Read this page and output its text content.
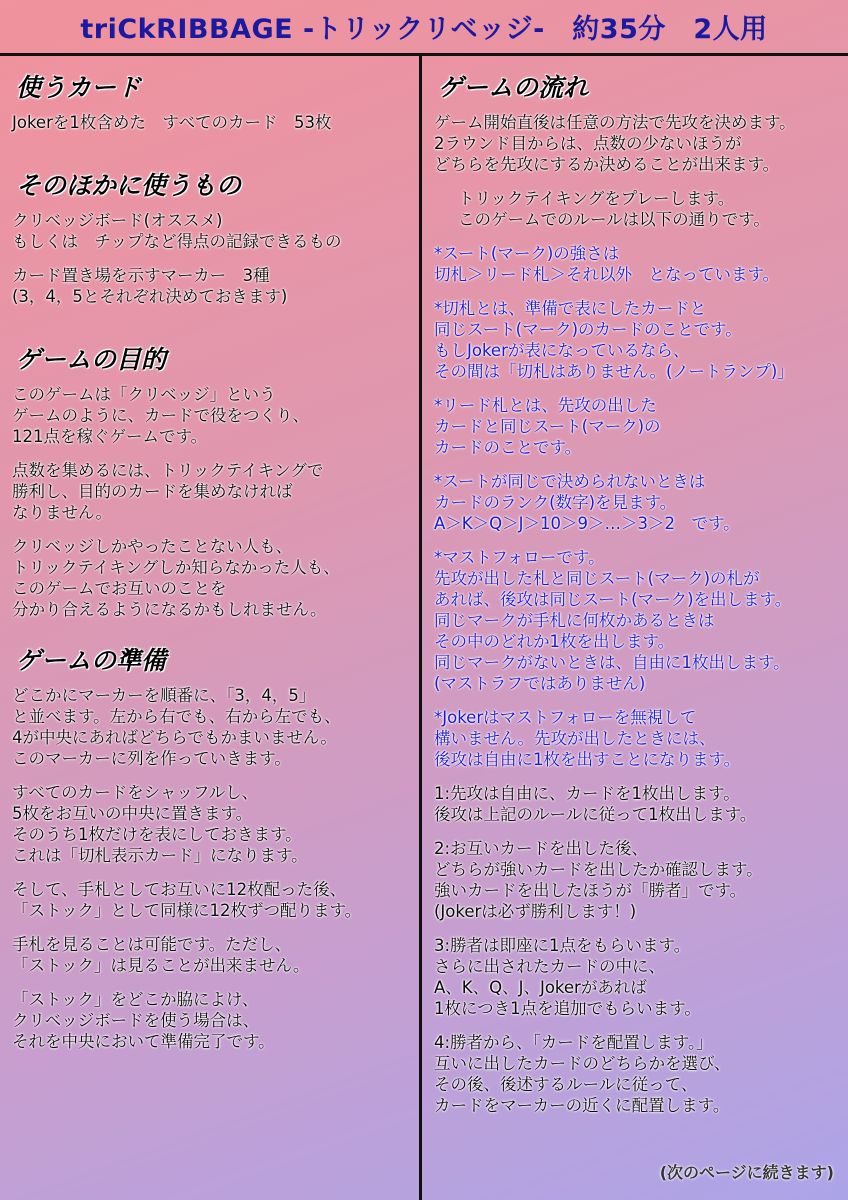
triCkRIBBAGE -トリックリベッジ-　約35分　2人用
使うカード
Jokerを1枚含めた　すべてのカード　53枚
そのほかに使うもの
クリベッジボード(オススメ)
もしくは　チップなど得点の記録できるもの
カード置き場を示すマーカー　3種
(3，4，5とそれぞれ決めておきます)
ゲームの目的
このゲームは「クリベッジ」という
ゲームのように、カードで役をつくり、
121点を稼ぐゲームです。
点数を集めるには、トリックテイキングで
勝利し、目的のカードを集めなければ
なりません。
クリベッジしかやったことない人も、
トリックテイキングしか知らなかった人も、
このゲームでお互いのことを
分かり合えるようになるかもしれません。
ゲームの準備
どこかにマーカーを順番に、「3，4，5」
と並べます。左から右でも、右から左でも、
4が中央にあればどちらでもかまいません。
このマーカーに列を作っていきます。
すべてのカードをシャッフルし、
5枚をお互いの中央に置きます。
そのうち1枚だけを表にしておきます。
これは「切札表示カード」になります。
そして、手札としてお互いに12枚配った後、
「ストック」として同様に12枚ずつ配ります。
手札を見ることは可能です。ただし、
「ストック」は見ることが出来ません。
「ストック」をどこか脇によけ、
クリベッジボードを使う場合は、
それを中央において準備完了です。
ゲームの流れ
ゲーム開始直後は任意の方法で先攻を決めます。
2ラウンド目からは、点数の少ないほうが
どちらを先攻にするか決めることが出来ます。
トリックテイキングをプレーします。
このゲームでのルールは以下の通りです。
*スート(マーク)の強さは
切札＞リード札＞それ以外　となっています。
*切札とは、準備で表にしたカードと
同じスート(マーク)のカードのことです。
もしJokerが表になっているなら、
その間は「切札はありません。(ノートランプ)」
*リード札とは、先攻の出した
カードと同じスート(マーク)の
カードのことです。
*スートが同じで決められないときは
カードのランク(数字)を見ます。
A＞K＞Q＞J＞10＞9＞…＞3＞2　です。
*マストフォローです。
先攻が出した札と同じスート(マーク)の札が
あれば、後攻は同じスート(マーク)を出します。
同じマークが手札に何枚かあるときは
その中のどれか1枚を出します。
同じマークがないときは、自由に1枚出します。
(マストラフではありません)
*Jokerはマストフォローを無視して
構いません。先攻が出したときには、
後攻は自由に1枚を出すことになります。
1:先攻は自由に、カードを1枚出します。
後攻は上記のルールに従って1枚出します。
2:お互いカードを出した後、
どちらが強いカードを出したか確認します。
強いカードを出したほうが「勝者」です。
(Jokerは必ず勝利します！)
3:勝者は即座に1点をもらいます。
さらに出されたカードの中に、
A、K、Q、J、Jokerがあれば
1枚につき1点を追加でもらいます。
4:勝者から、「カードを配置します。」
互いに出したカードのどちらかを選び、
その後、後述するルールに従って、
カードをマーカーの近くに配置します。
(次のページに続きます)
